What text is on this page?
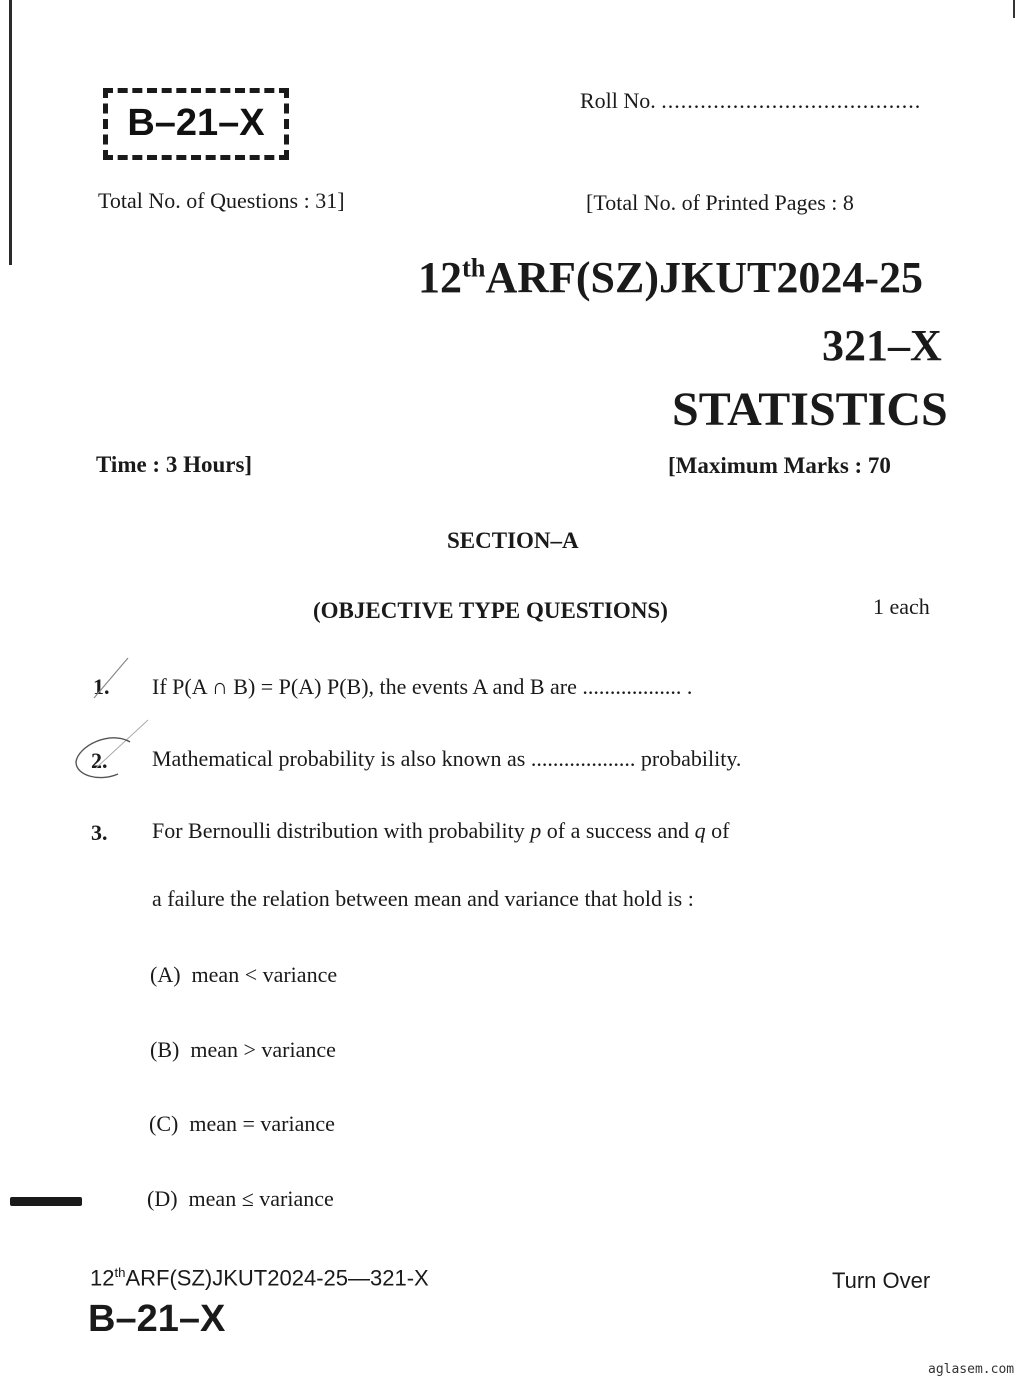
B–21–X
Roll No. ........................................
Total No. of Questions : 31]	[Total No. of Printed Pages : 8
12thARF(SZ)JKUT2024-25
321–X
STATISTICS
Time : 3 Hours]	[Maximum Marks : 70
SECTION–A
(OBJECTIVE TYPE QUESTIONS)	1 each
1. If P(A ∩ B) = P(A) P(B), the events A and B are .................. .
2. Mathematical probability is also known as ................... probability.
3. For Bernoulli distribution with probability p of a success and q of
a failure the relation between mean and variance that hold is :
(A) mean < variance
(B) mean > variance
(C) mean = variance
(D) mean ≤ variance
12thARF(SZ)JKUT2024-25—321-X
B–21–X
Turn Over
aglasem.com
